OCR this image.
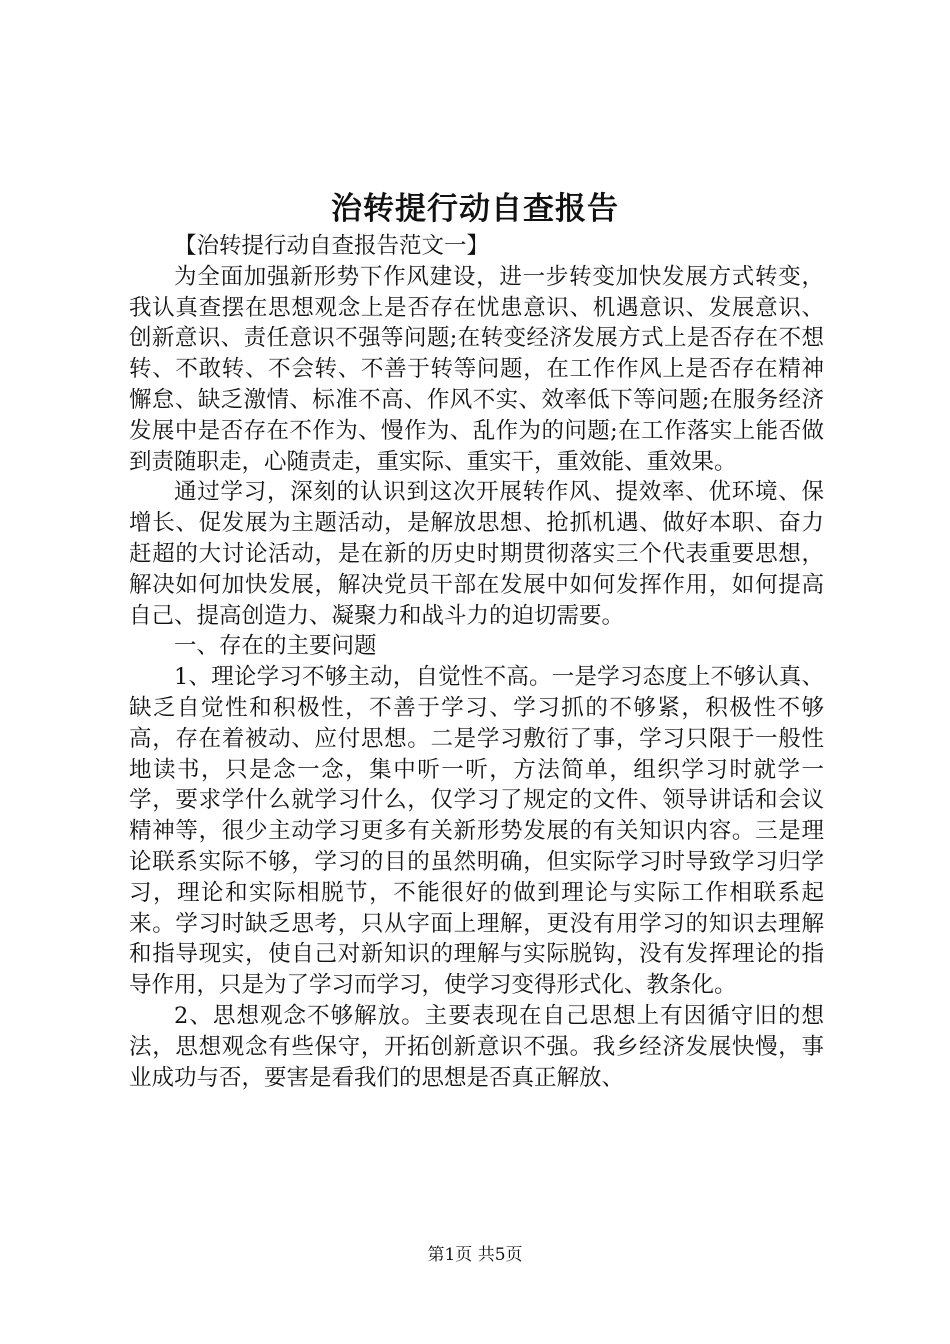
治转提行动自查报告

【治转提行动自查报告范文一】

为全面加强新形势下作风建设，进一步转变加快发展方式转变，我认真查摆在思想观念上是否存在忧患意识、机遇意识、发展意识、创新意识、责任意识不强等问题;在转变经济发展方式上是否存在不想转、不敢转、不会转、不善于转等问题，在工作作风上是否存在精神懈怠、缺乏激情、标准不高、作风不实、效率低下等问题;在服务经济发展中是否存在不作为、慢作为、乱作为的问题;在工作落实上能否做到责随职走，心随责走，重实际、重实干，重效能、重效果。

通过学习，深刻的认识到这次开展转作风、提效率、优环境、保增长、促发展为主题活动，是解放思想、抢抓机遇、做好本职、奋力赶超的大讨论活动，是在新的历史时期贯彻落实三个代表重要思想，解决如何加快发展，解决党员干部在发展中如何发挥作用，如何提高自己、提高创造力、凝聚力和战斗力的迫切需要。

一、存在的主要问题

1、理论学习不够主动，自觉性不高。一是学习态度上不够认真、缺乏自觉性和积极性，不善于学习、学习抓的不够紧，积极性不够高，存在着被动、应付思想。二是学习敷衍了事，学习只限于一般性地读书，只是念一念，集中听一听，方法简单，组织学习时就学一学，要求学什么就学习什么，仅学习了规定的文件、领导讲话和会议精神等，很少主动学习更多有关新形势发展的有关知识内容。三是理论联系实际不够，学习的目的虽然明确，但实际学习时导致学习归学习，理论和实际相脱节，不能很好的做到理论与实际工作相联系起来。学习时缺乏思考，只从字面上理解，更没有用学习的知识去理解和指导现实，使自己对新知识的理解与实际脱钩，没有发挥理论的指导作用，只是为了学习而学习，使学习变得形式化、教条化。

2、思想观念不够解放。主要表现在自己思想上有因循守旧的想法，思想观念有些保守，开拓创新意识不强。我乡经济发展快慢，事业成功与否，要害是看我们的思想是否真正解放、

第1页 共5页
